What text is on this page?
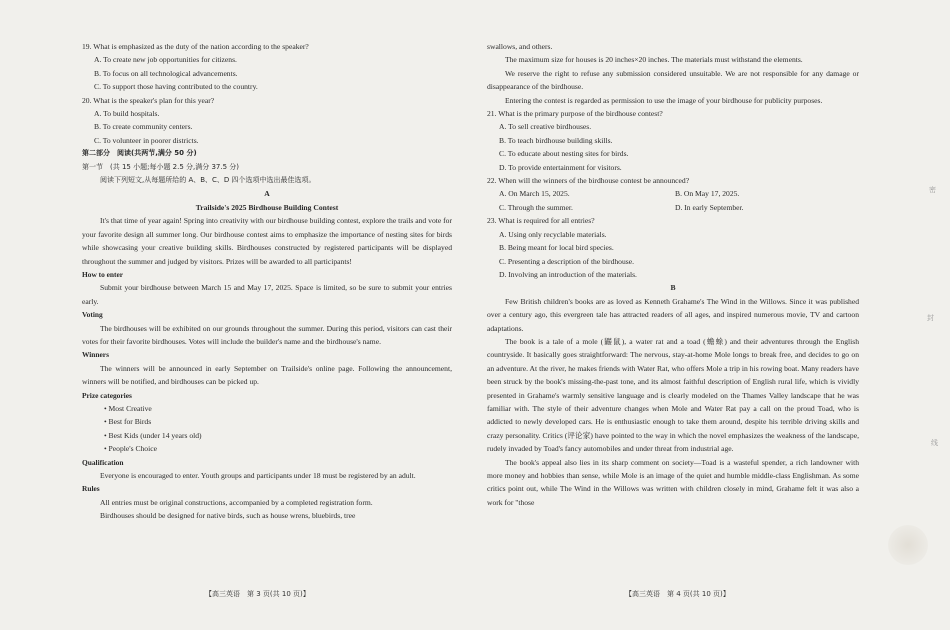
19. What is emphasized as the duty of the nation according to the speaker?

A. To create new job opportunities for citizens.

B. To focus on all technological advancements.

C. To support those having contributed to the country.

20. What is the speaker's plan for this year?

A. To build hospitals.

B. To create community centers.

C. To volunteer in poorer districts.

第二部分　阅读(共两节,满分 50 分)

第一节　(共 15 小题;每小题 2.5 分,满分 37.5 分)

阅读下列短文,从每题所给的 A、B、C、D 四个选项中选出最佳选项。

A

Trailside's 2025 Birdhouse Building Contest

It's that time of year again! Spring into creativity with our birdhouse building contest, explore the trails and vote for your favorite design all summer long. Our birdhouse contest aims to emphasize the importance of nesting sites for birds while showcasing your creative building skills. Birdhouses constructed by registered participants will be displayed throughout the summer and judged by visitors. Prizes will be awarded to all participants!

How to enter

Submit your birdhouse between March 15 and May 17, 2025. Space is limited, so be sure to submit your entries early.

Voting

The birdhouses will be exhibited on our grounds throughout the summer. During this period, visitors can cast their votes for their favorite birdhouses. Votes will include the builder's name and the birdhouse's name.

Winners

The winners will be announced in early September on Trailside's online page. Following the announcement, winners will be notified, and birdhouses can be picked up.

Prize categories

• Most Creative

• Best for Birds

• Best Kids (under 14 years old)

• People's Choice

Qualification

Everyone is encouraged to enter. Youth groups and participants under 18 must be registered by an adult.

Rules

All entries must be original constructions, accompanied by a completed registration form.

Birdhouses should be designed for native birds, such as house wrens, bluebirds, tree

【高三英语　第 3 页(共 10 页)】

swallows, and others.

The maximum size for houses is 20 inches×20 inches. The materials must withstand the elements.

We reserve the right to refuse any submission considered unsuitable. We are not responsible for any damage or disappearance of the birdhouse.

Entering the contest is regarded as permission to use the image of your birdhouse for publicity purposes.

21. What is the primary purpose of the birdhouse contest?

A. To sell creative birdhouses.

B. To teach birdhouse building skills.

C. To educate about nesting sites for birds.

D. To provide entertainment for visitors.

22. When will the winners of the birdhouse contest be announced?

A. On March 15, 2025.	B. On May 17, 2025.
C. Through the summer.	D. In early September.

23. What is required for all entries?

A. Using only recyclable materials.

B. Being meant for local bird species.

C. Presenting a description of the birdhouse.

D. Involving an introduction of the materials.

B

Few British children's books are as loved as Kenneth Grahame's The Wind in the Willows. Since it was published over a century ago, this evergreen tale has attracted readers of all ages, and inspired numerous movie, TV and cartoon adaptations.

The book is a tale of a mole (鼹鼠), a water rat and a toad (蟾蜍) and their adventures through the English countryside. It basically goes straightforward: The nervous, stay-at-home Mole longs to break free, and decides to go on an adventure. At the river, he makes friends with Water Rat, who offers Mole a trip in his rowing boat. Many readers have been struck by the book's missing-the-past tone, and its almost faithful description of English rural life, which is vividly presented in Grahame's warmly sensitive language and is clearly modeled on the Thames Valley landscape that he was familiar with. The style of their adventure changes when Mole and Water Rat pay a call on the proud Toad, who is addicted to newly developed cars. He is enthusiastic enough to take them around, despite his terrible driving skills and crazy personality. Critics (评论家) have pointed to the way in which the novel emphasizes the weakness of the landscape, rudely invaded by Toad's fancy automobiles and under threat from industrial age.

The book's appeal also lies in its sharp comment on society—Toad is a wasteful spender, a rich landowner with more money and hobbies than sense, while Mole is an image of the quiet and humble middle-class Englishman. As some critics point out, while The Wind in the Willows was written with children closely in mind, Grahame felt it was also a work for "those

【高三英语　第 4 页(共 10 页)】
密
封
线
